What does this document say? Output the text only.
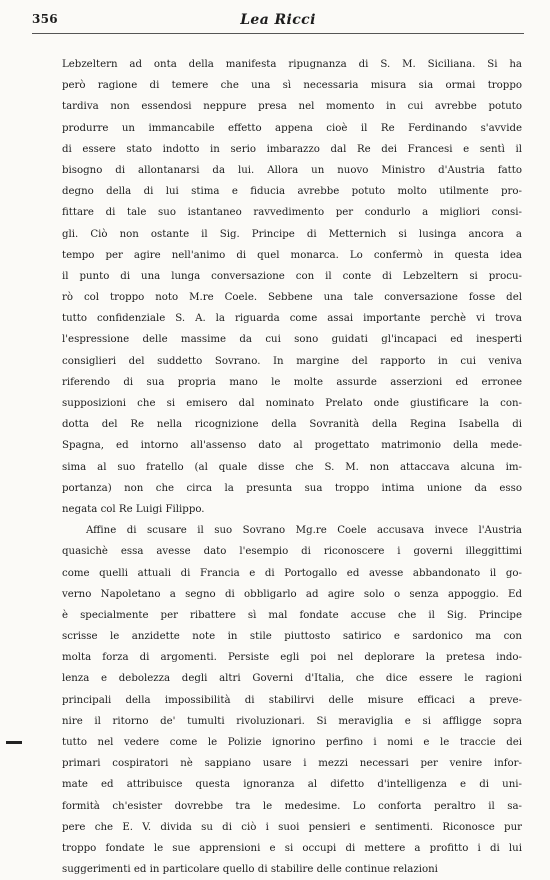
356	Lea Ricci
Lebzeltern ad onta della manifesta ripugnanza di S. M. Siciliana. Si ha
però ragione di temere che una sì necessaria misura sia ormai troppo
tardiva non essendosi neppure presa nel momento in cui avrebbe potuto
produrre un immancabile effetto appena cioè il Re Ferdinando s'avvide
di essere stato indotto in serio imbarazzo dal Re dei Francesi e sentì il
bisogno di allontanarsi da lui. Allora un nuovo Ministro d'Austria fatto
degno della di lui stima e fiducia avrebbe potuto molto utilmente pro-
fittare di tale suo istantaneo ravvedimento per condurlo a migliori consi-
gli. Ciò non ostante il Sig. Principe di Metternich si lusinga ancora a
tempo per agire nell'animo di quel monarca. Lo confermò in questa idea
il punto di una lunga conversazione con il conte di Lebzeltern si procu-
rò col troppo noto M.re Coele. Sebbene una tale conversazione fosse del
tutto confidenziale S. A. la riguarda come assai importante perchè vi trova
l'espressione delle massime da cui sono guidati gl'incapaci ed inesperti
consiglieri del suddetto Sovrano. In margine del rapporto in cui veniva
riferendo di sua propria mano le molte assurde asserzioni ed erronee
supposizioni che si emisero dal nominato Prelato onde giustificare la con-
dotta del Re nella ricognizione della Sovranità della Regina Isabella di
Spagna, ed intorno all'assenso dato al progettato matrimonio della mede-
sima al suo fratello (al quale disse che S. M. non attaccava alcuna im-
portanza) non che circa la presunta sua troppo intima unione da esso
negata col Re Luigi Filippo.
Affine di scusare il suo Sovrano Mg.re Coele accusava invece l'Austria
quasichè essa avesse dato l'esempio di riconoscere i governi illeggittimi
come quelli attuali di Francia e di Portogallo ed avesse abbandonato il go-
verno Napoletano a segno di obbligarlo ad agire solo o senza appoggio. Ed
è specialmente per ribattere sì mal fondate accuse che il Sig. Principe
scrisse le anzidette note in stile piuttosto satirico e sardonico ma con
molta forza di argomenti. Persiste egli poi nel deplorare la pretesa indo-
lenza e debolezza degli altri Governi d'Italia, che dice essere le ragioni
principali della impossibilità di stabilirvi delle misure efficaci a preve-
nire il ritorno de' tumulti rivoluzionari. Si meraviglia e si affligge sopra
tutto nel vedere come le Polizie ignorino perfino i nomi e le traccie dei
primari cospiratori nè sappiano usare i mezzi necessari per venire infor-
mate ed attribuisce questa ignoranza al difetto d'intelligenza e di uni-
formità ch'esister dovrebbe tra le medesime. Lo conforta peraltro il sa-
pere che E. V. divida su di ciò i suoi pensieri e sentimenti. Riconosce pur
troppo fondate le sue apprensioni e si occupi di mettere a profitto i di lui
suggerimenti ed in particolare quello di stabilire delle continue relazioni
